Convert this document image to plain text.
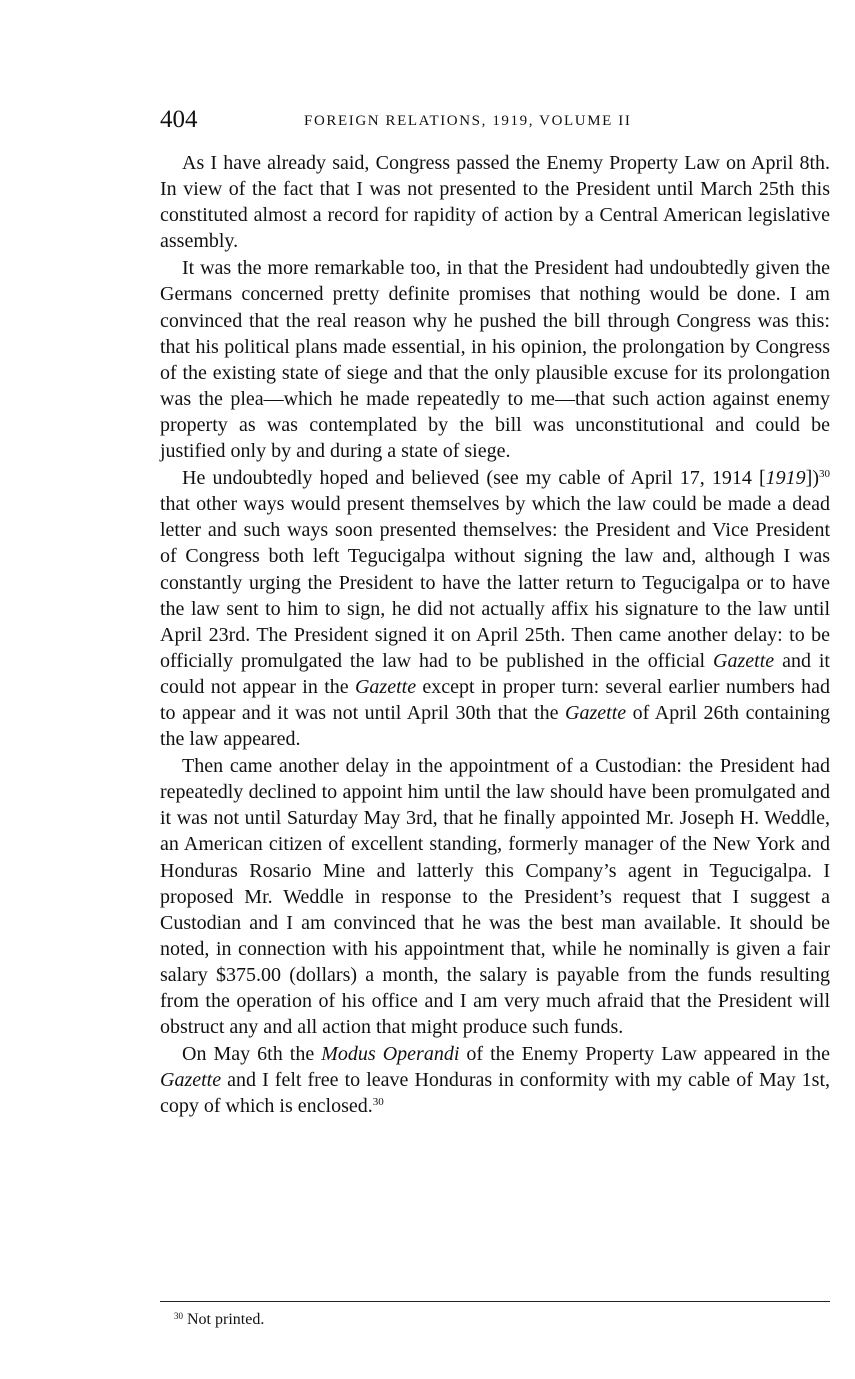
404	FOREIGN RELATIONS, 1919, VOLUME II

As I have already said, Congress passed the Enemy Property Law on April 8th. In view of the fact that I was not presented to the President until March 25th this constituted almost a record for rapidity of action by a Central American legislative assembly.

It was the more remarkable too, in that the President had undoubtedly given the Germans concerned pretty definite promises that nothing would be done. I am convinced that the real reason why he pushed the bill through Congress was this: that his political plans made essential, in his opinion, the prolongation by Congress of the existing state of siege and that the only plausible excuse for its prolongation was the plea—which he made repeatedly to me—that such action against enemy property as was contemplated by the bill was unconstitutional and could be justified only by and during a state of siege.

He undoubtedly hoped and believed (see my cable of April 17, 1914 [1919])$^{30}$ that other ways would present themselves by which the law could be made a dead letter and such ways soon presented themselves: the President and Vice President of Congress both left Tegucigalpa without signing the law and, although I was constantly urging the President to have the latter return to Tegucigalpa or to have the law sent to him to sign, he did not actually affix his signature to the law until April 23rd. The President signed it on April 25th. Then came another delay: to be officially promulgated the law had to be published in the official Gazette and it could not appear in the Gazette except in proper turn: several earlier numbers had to appear and it was not until April 30th that the Gazette of April 26th containing the law appeared.

Then came another delay in the appointment of a Custodian: the President had repeatedly declined to appoint him until the law should have been promulgated and it was not until Saturday May 3rd, that he finally appointed Mr. Joseph H. Weddle, an American citizen of excellent standing, formerly manager of the New York and Honduras Rosario Mine and latterly this Company’s agent in Tegucigalpa. I proposed Mr. Weddle in response to the President’s request that I suggest a Custodian and I am convinced that he was the best man available. It should be noted, in connection with his appointment that, while he nominally is given a fair salary $375.00 (dollars) a month, the salary is payable from the funds resulting from the operation of his office and I am very much afraid that the President will obstruct any and all action that might produce such funds.

On May 6th the Modus Operandi of the Enemy Property Law appeared in the Gazette and I felt free to leave Honduras in conformity with my cable of May 1st, copy of which is enclosed.$^{30}$

$^{30}$ Not printed.
